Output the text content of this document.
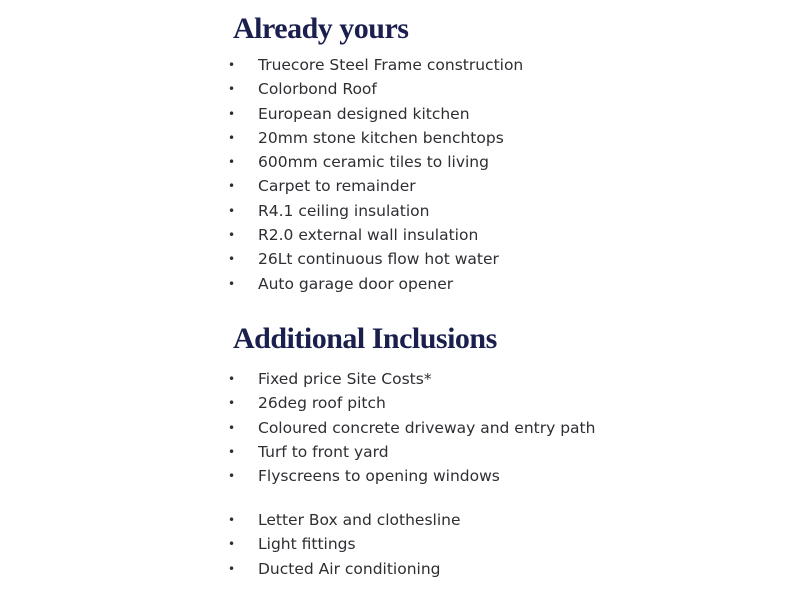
Already yours
• Truecore Steel Frame construction
• Colorbond Roof
• European designed kitchen
• 20mm stone kitchen benchtops
• 600mm ceramic tiles to living
• Carpet to remainder
• R4.1 ceiling insulation
• R2.0 external wall insulation
• 26Lt continuous flow hot water
• Auto garage door opener
Additional Inclusions
• Fixed price Site Costs*
• 26deg roof pitch
• Coloured concrete driveway and entry path
• Turf to front yard
• Flyscreens to opening windows
• Letter Box and clothesline
• Light fittings
• Ducted Air conditioning
